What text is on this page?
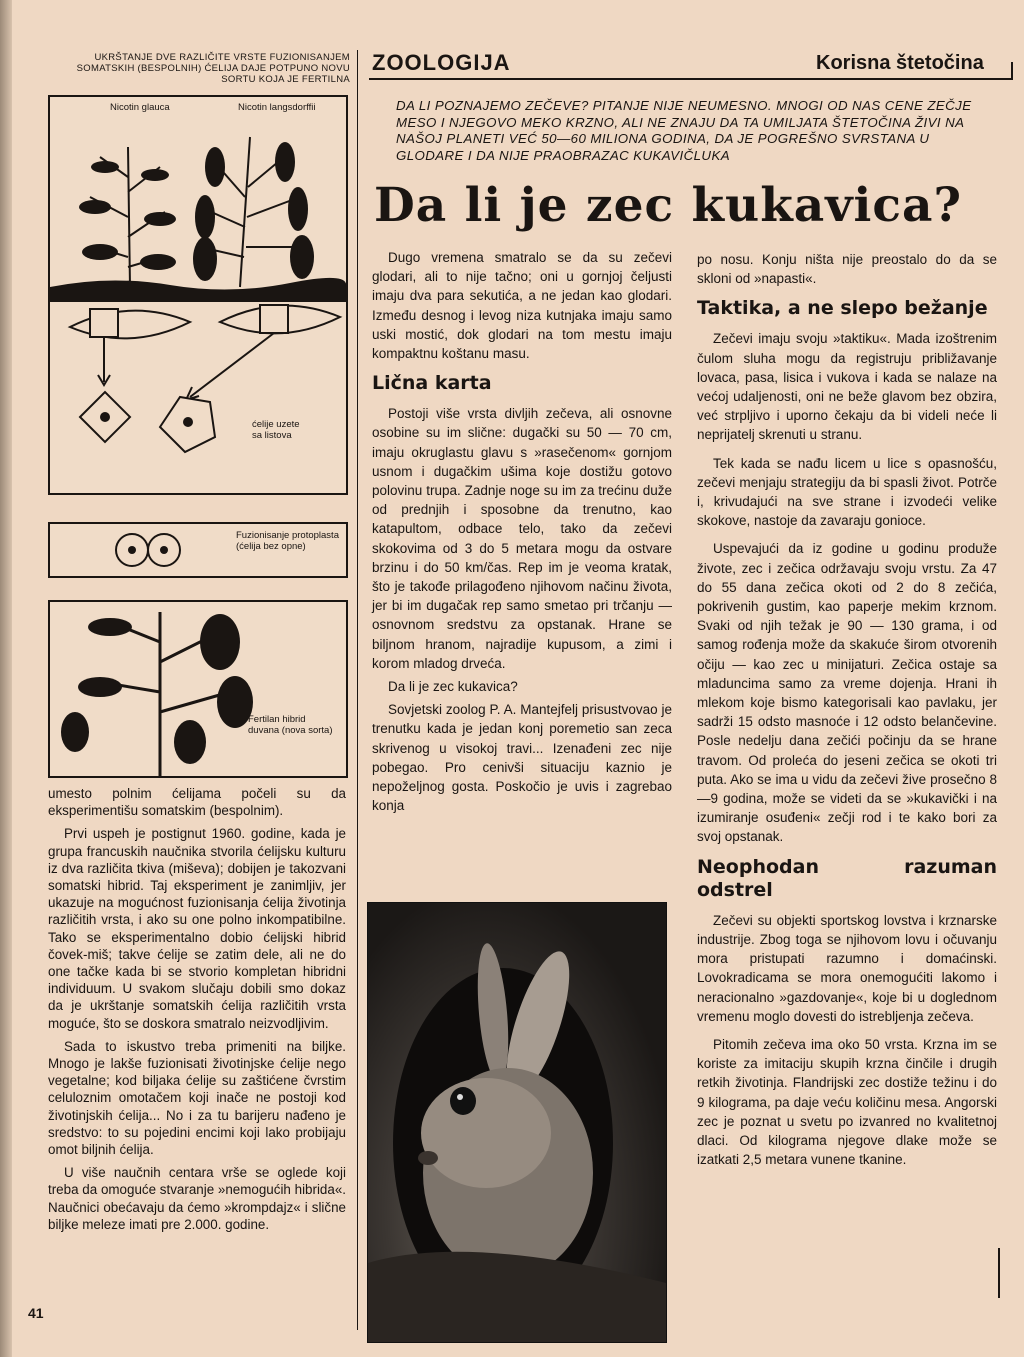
UKRŠTANJE DVE RAZLIČITE VRSTE FUZIONISANJEM SOMATSKIH (BESPOLNIH) ĆELIJA DAJE POTPUNO NOVU SORTU KOJA JE FERTILNA
ZOOLOGIJA	Korisna štetočina
DA LI POZNAJEMO ZEČEVE? PITANJE NIJE NEUMESNO. MNOGI OD NAS CENE ZEČJE MESO I NJEGOVO MEKO KRZNO, ALI NE ZNAJU DA TA UMILJATA ŠTETOČINA ŽIVI NA NAŠOJ PLANETI VEĆ 50—60 MILIONA GODINA, DA JE POGREŠNO SVRSTANA U GLODARE I DA NIJE PRAOBRAZAC KUKAVIČLUKA
Da li je zec kukavica?
Nicotin glauca	Nicotin langsdorffii
ćelije uzete sa listova
Fuzionisanje protoplasta (ćelija bez opne)
Fertilan hibrid duvana (nova sorta)

umesto polnim ćelijama počeli su da eksperimentišu somatskim (bespolnim).

Prvi uspeh je postignut 1960. godine, kada je grupa francuskih naučnika stvorila ćelijsku kulturu iz dva različita tkiva (miševa); dobijen je takozvani somatski hibrid. Taj eksperiment je zanimljiv, jer ukazuje na mogućnost fuzionisanja ćelija životinja različitih vrsta, i ako su one polno inkompatibilne. Tako se eksperimentalno dobio ćelijski hibrid čovek-miš; takve ćelije se zatim dele, ali ne do one tačke kada bi se stvorio kompletan hibridni individuum. U svakom slučaju dobili smo dokaz da je ukrštanje somatskih ćelija različitih vrsta moguće, što se doskora smatralo neizvodljivim.

Sada to iskustvo treba primeniti na biljke. Mnogo je lakše fuzionisati životinjske ćelije nego vegetalne; kod biljaka ćelije su zaštićene čvrstim celuloznim omotačem koji inače ne postoji kod životinjskih ćelija... No i za tu barijeru nađeno je sredstvo: to su pojedini encimi koji lako probijaju omot biljnih ćelija.

U više naučnih centara vrše se oglede koji treba da omoguće stvaranje »nemogućih hibrida«. Naučnici obećavaju da ćemo »krompdajz« i slične biljke meleze imati pre 2.000. godine.

Dugo vremena smatralo se da su zečevi glodari, ali to nije tačno; oni u gornjoj čeljusti imaju dva para sekutića, a ne jedan kao glodari. Između desnog i levog niza kutnjaka imaju samo uski mostić, dok glodari na tom mestu imaju kompaktnu koštanu masu.

Lična karta

Postoji više vrsta divljih zečeva, ali osnovne osobine su im slične: dugački su 50 — 70 cm, imaju okruglastu glavu s »rasečenom« gornjom usnom i dugačkim ušima koje dostižu gotovo polovinu trupa. Zadnje noge su im za trećinu duže od prednjih i sposobne da trenutno, kao katapultom, odbace telo, tako da zečevi skokovima od 3 do 5 metara mogu da ostvare brzinu i do 50 km/čas. Rep im je veoma kratak, što je takođe prilagođeno njihovom načinu života, jer bi im dugačak rep samo smetao pri trčanju — osnovnom sredstvu za opstanak. Hrane se biljnom hranom, najradije kupusom, a zimi i korom mladog drveća.

Da li je zec kukavica?

Sovjetski zoolog P. A. Mantejfelj prisustvovao je trenutku kada je jedan konj poremetio san zeca skrivenog u visokoj travi... Izenađeni zec nije pobegao. Pro cenivši situaciju kaznio je nepoželjnog gosta. Poskočio je uvis i zagrebao konja

po nosu. Konju ništa nije preostalo do da se skloni od »napasti«.

Taktika, a ne slepo bežanje

Zečevi imaju svoju »taktiku«. Mada izoštrenim čulom sluha mogu da registruju približavanje lovaca, pasa, lisica i vukova i kada se nalaze na većoj udaljenosti, oni ne beže glavom bez obzira, već strpljivo i uporno čekaju da bi videli neće li neprijatelj skrenuti u stranu.

Tek kada se nađu licem u lice s opasnošću, zečevi menjaju strategiju da bi spasli život. Potrče i, krivudajući na sve strane i izvodeći velike skokove, nastoje da zavaraju gonioce.

Uspevajući da iz godine u godinu produže živote, zec i zečica održavaju svoju vrstu. Za 47 do 55 dana zečica okoti od 2 do 8 zečića, pokrivenih gustim, kao paperje mekim krznom. Svaki od njih težak je 90 — 130 grama, i od samog rođenja može da skakuće širom otvorenih očiju — kao zec u minijaturi. Zečica ostaje sa mladuncima samo za vreme dojenja. Hrani ih mlekom koje bismo kategorisali kao pavlaku, jer sadrži 15 odsto masnoće i 12 odsto belančevine. Posle nedelju dana zečići počinju da se hrane travom. Od proleća do jeseni zečica se okoti tri puta. Ako se ima u vidu da zečevi žive prosečno 8—9 godina, može se videti da se »kukavički i na izumiranje osuđeni« zečji rod i te kako bori za svoj opstanak.

Neophodan razuman odstrel

Zečevi su objekti sportskog lovstva i krznarske industrije. Zbog toga se njihovom lovu i očuvanju mora pristupati razumno i domaćinski. Lovokradicama se mora onemogućiti lakomo i neracionalno »gazdovanje«, koje bi u doglednom vremenu moglo dovesti do istrebljenja zečeva.

Pitomih zečeva ima oko 50 vrsta. Krzna im se koriste za imitaciju skupih krzna činčile i drugih retkih životinja. Flandrijski zec dostiže težinu i do 9 kilograma, pa daje veću količinu mesa. Angorski zec je poznat u svetu po izvanred no kvalitetnoj dlaci. Od kilograma njegove dlake može se izatkati 2,5 metara vunene tkanine.

41
